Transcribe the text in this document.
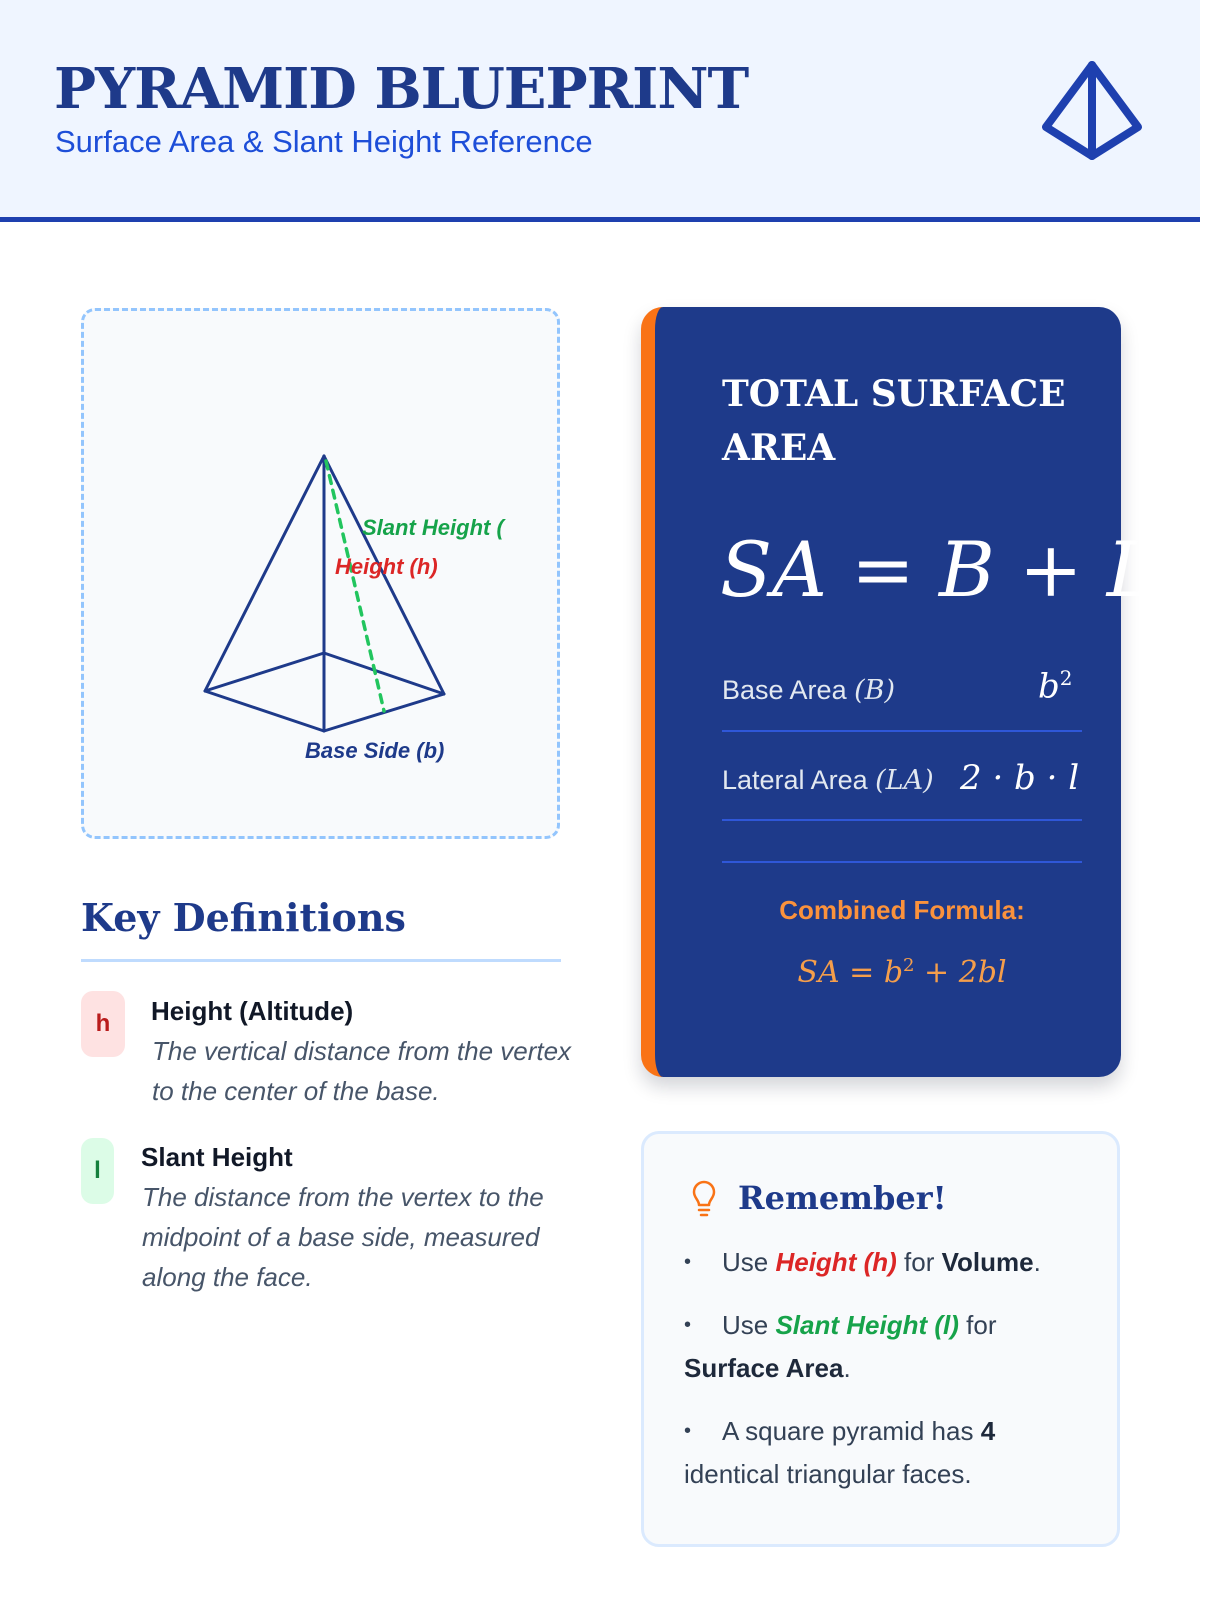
PYRAMID BLUEPRINT
Surface Area & Slant Height Reference
Slant Height (
Height (h)
Base Side (b)
Key Definitions
h	Height (Altitude)
The vertical distance from the vertex to the center of the base.
l	Slant Height
The distance from the vertex to the midpoint of a base side, measured along the face.
TOTAL SURFACE AREA
SA = B + LA
Base Area (B)	$b^2$
Lateral Area (LA) 2 · b · l
Combined Formula:
SA = $b^2 + 2bl$
Remember!
• Use Height (h) for Volume.
• Use Slant Height (l) for Surface Area.
• A square pyramid has 4 identical triangular faces.
